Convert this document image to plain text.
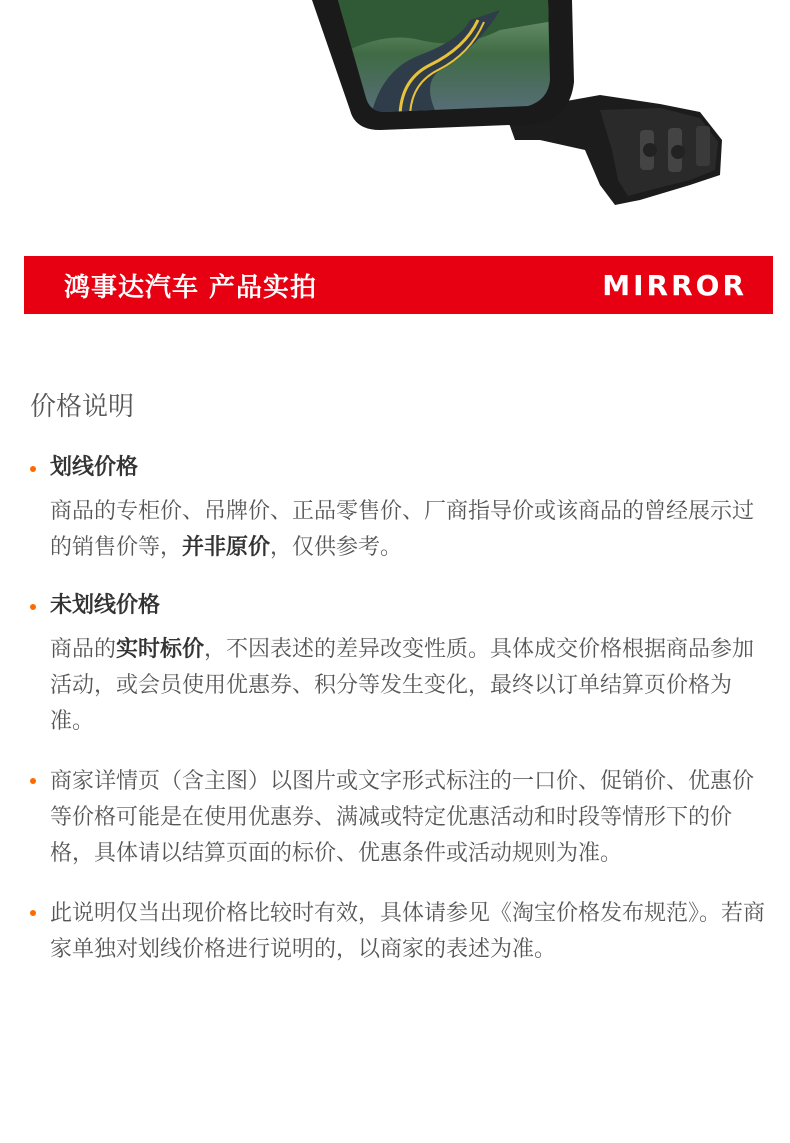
鸿事达汽车 产品实拍	MIRROR
价格说明
划线价格
商品的专柜价、吊牌价、正品零售价、厂商指导价或该商品的曾经展示过的销售价等，并非原价，仅供参考。
未划线价格
商品的实时标价，不因表述的差异改变性质。具体成交价格根据商品参加活动，或会员使用优惠券、积分等发生变化，最终以订单结算页价格为准。
商家详情页（含主图）以图片或文字形式标注的一口价、促销价、优惠价等价格可能是在使用优惠券、满减或特定优惠活动和时段等情形下的价格，具体请以结算页面的标价、优惠条件或活动规则为准。
此说明仅当出现价格比较时有效，具体请参见《淘宝价格发布规范》。若商家单独对划线价格进行说明的，以商家的表述为准。
